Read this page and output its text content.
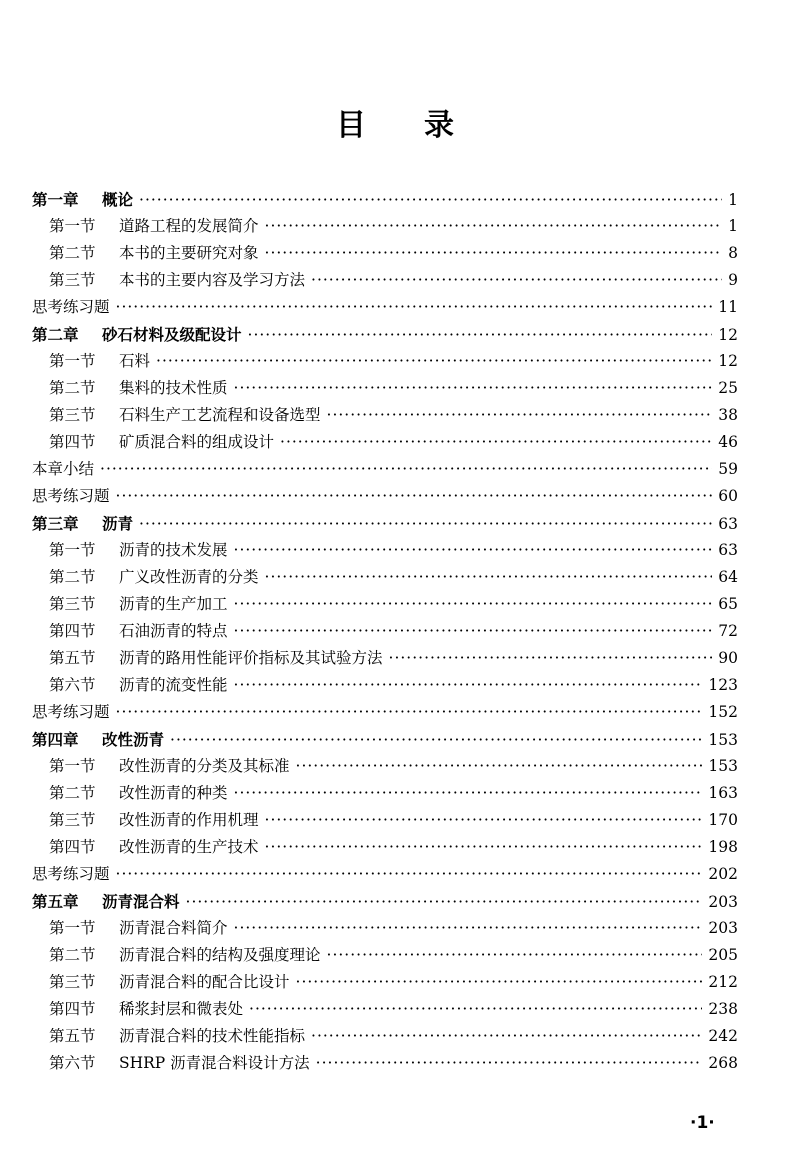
目录
第一章	概论 ·····	1
第一节	道路工程的发展简介 ·····	1
第二节	本书的主要研究对象 ·····	8
第三节	本书的主要内容及学习方法 ·····	9
思考练习题 ·····	11
第二章	砂石材料及级配设计 ·····	12
第一节	石料 ·····	12
第二节	集料的技术性质 ·····	25
第三节	石料生产工艺流程和设备选型 ·····	38
第四节	矿质混合料的组成设计 ·····	46
本章小结 ·····	59
思考练习题 ·····	60
第三章	沥青 ·····	63
第一节	沥青的技术发展 ·····	63
第二节	广义改性沥青的分类 ·····	64
第三节	沥青的生产加工 ·····	65
第四节	石油沥青的特点 ·····	72
第五节	沥青的路用性能评价指标及其试验方法 ·····	90
第六节	沥青的流变性能 ·····	123
思考练习题 ·····	152
第四章	改性沥青 ·····	153
第一节	改性沥青的分类及其标准 ·····	153
第二节	改性沥青的种类 ·····	163
第三节	改性沥青的作用机理 ·····	170
第四节	改性沥青的生产技术 ·····	198
思考练习题 ·····	202
第五章	沥青混合料 ·····	203
第一节	沥青混合料简介 ·····	203
第二节	沥青混合料的结构及强度理论 ·····	205
第三节	沥青混合料的配合比设计 ·····	212
第四节	稀浆封层和微表处 ·····	238
第五节	沥青混合料的技术性能指标 ·····	242
第六节	SHRP 沥青混合料设计方法 ·····	268
·1·
